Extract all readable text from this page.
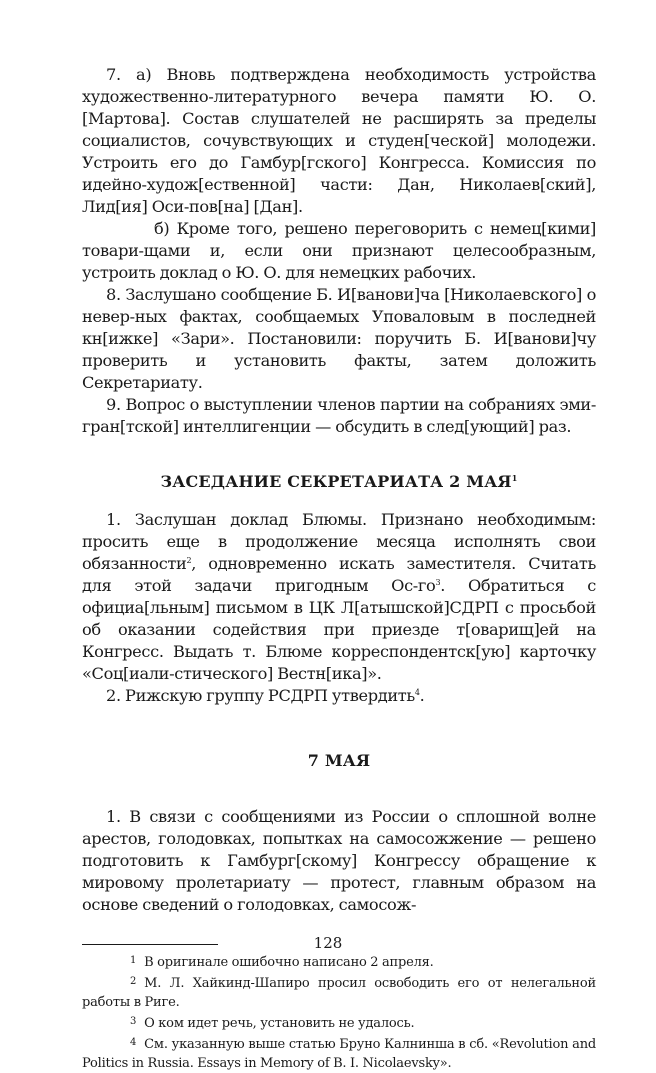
7. а) Вновь подтверждена необходимость устройства художественно-литературного вечера памяти Ю. О. [Мартова]. Состав слушателей не расширять за пределы социалистов, сочувствующих и студен[ческой] молодежи. Устроить его до Гамбур[гского] Конгресса. Комиссия по идейно-худож[ественной] части: Дан, Николаев[ский], Лид[ия] Оси-пов[на] [Дан].

б) Кроме того, решено переговорить с немец[кими] товари-щами и, если они признают целесообразным, устроить доклад о Ю. О. для немецких рабочих.

8. Заслушано сообщение Б. И[ванови]ча [Николаевского] о невер-ных фактах, сообщаемых Уповаловым в последней кн[ижке] «Зари». Постановили: поручить Б. И[ванови]чу проверить и установить факты, затем доложить Секретариату.

9. Вопрос о выступлении членов партии на собраниях эми-гран[тской] интеллигенции — обсудить в след[ующий] раз.

ЗАСЕДАНИЕ СЕКРЕТАРИАТА 2 МАЯ$^1$

1. Заслушан доклад Блюмы. Признано необходимым: просить еще в продолжение месяца исполнять свои обязанности$^2$, одновременно искать заместителя. Считать для этой задачи пригодным $Ос-го^3$. Обратиться с официа[льным] письмом в ЦК Л[атышской]СДРП с просьбой об оказании содействия при приезде т[оварищ]ей на Конгресс. Выдать т. Блюме корреспондентск[ую] карточку «Соц[иали-стического] Вестн[ика]».

2. Рижскую группу РСДРП утвердить$^4$.

7 МАЯ

1. В связи с сообщениями из России о сплошной волне арестов, голодовках, попытках на самосожжение — решено подготовить к Гамбург[скому] Конгрессу обращение к мировому пролетариату — протест, главным образом на основе сведений о голодовках, самосож-

1 В оригинале ошибочно написано 2 апреля.

2 М. Л. Хайкинд-Шапиро просил освободить его от нелегальной работы в Риге.

3 О ком идет речь, установить не удалось.

4 См. указанную выше статью Бруно Калнинша в сб. «Revolution and Politics in Russia. Essays in Memory of B. I. Nicolaevsky».

128
